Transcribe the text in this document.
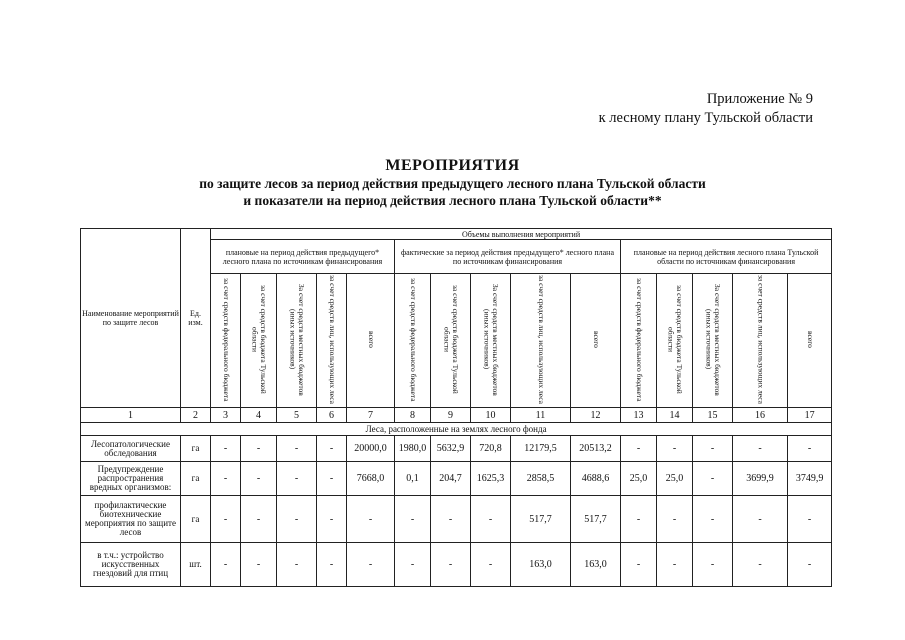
Приложение № 9
к лесному плану Тульской области
МЕРОПРИЯТИЯ
по защите лесов за период действия предыдущего лесного плана Тульской области
и показатели на период действия лесного плана Тульской области**
Наименование мероприятий по защите лесов	Ед. изм.	Объемы выполнения мероприятий														
		плановые на период действия предыдущего* лесного плана по источникам финансирования					фактические за период действия предыдущего* лесного плана по источникам финансирования					плановые на период действия лесного плана Тульской области по источникам финансирования				
		за счет средств федерального бюджета	за счет средств бюджета Тульской области	За счет средств местных бюджетов (иных источников)	за счет средств лиц, использующих леса	всего	за счет средств федерального бюджета	за счет средств бюджета Тульской области	За счет средств местных бюджетов (иных источников)	за счет средств лиц, использующих леса	всего	за счет средств федерального бюджета	за счет средств бюджета Тульской области	За счет средств местных бюджетов (иных источников)	за счет средств лиц, использующих леса	всего

1	2	3	4	5	6	7	8	9	10	11	12	13	14	15	16	17
Леса, расположенные на землях лесного фонда																
Лесопатологические обследования	га	-	-	-	-	20000,0	1980,0	5632,9	720,8	12179,5	20513,2	-	-	-	-	-
Предупреждение распространения вредных организмов:	га	-	-	-	-	7668,0	0,1	204,7	1625,3	2858,5	4688,6	25,0	25,0	-	3699,9	3749,9
профилактические биотехнические мероприятия по защите лесов	га	-	-	-	-	-	-	-	-	517,7	517,7	-	-	-	-	-
в т.ч.: устройство искусственных гнездовий для птиц	шт.	-	-	-	-	-	-	-	-	163,0	163,0	-	-	-	-	-
